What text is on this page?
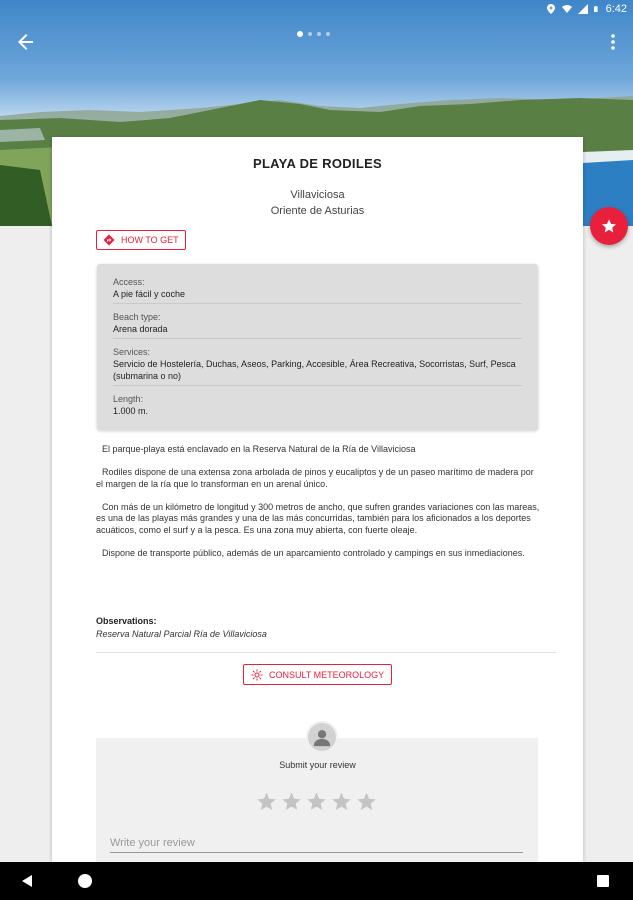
6:42
PLAYA DE RODILES
Villaviciosa
Oriente de Asturias
HOW TO GET
Access:
A pie fácil y coche
Beach type:
Arena dorada
Services:
Servicio de Hostelería, Duchas, Aseos, Parking, Accesible, Área Recreativa, Socorristas, Surf, Pesca (submarina o no)
Length:
1.000 m.

El parque-playa está enclavado en la Reserva Natural de la Ría de Villaviciosa

Rodiles dispone de una extensa zona arbolada de pinos y eucaliptos y de un paseo marítimo de madera por el margen de la ría que lo transforman en un arenal único.

Con más de un kilómetro de longitud y 300 metros de ancho, que sufren grandes variaciones con las mareas, es una de las playas más grandes y una de las más concurridas, también para los aficionados a los deportes acuáticos, como el surf y a la pesca. Es una zona muy abierta, con fuerte oleaje.

Dispone de transporte público, además de un aparcamiento controlado y campings en sus inmediaciones.

Observations:
Reserva Natural Parcial Ría de Villaviciosa
CONSULT METEOROLOGY
Submit your review
Write your review
